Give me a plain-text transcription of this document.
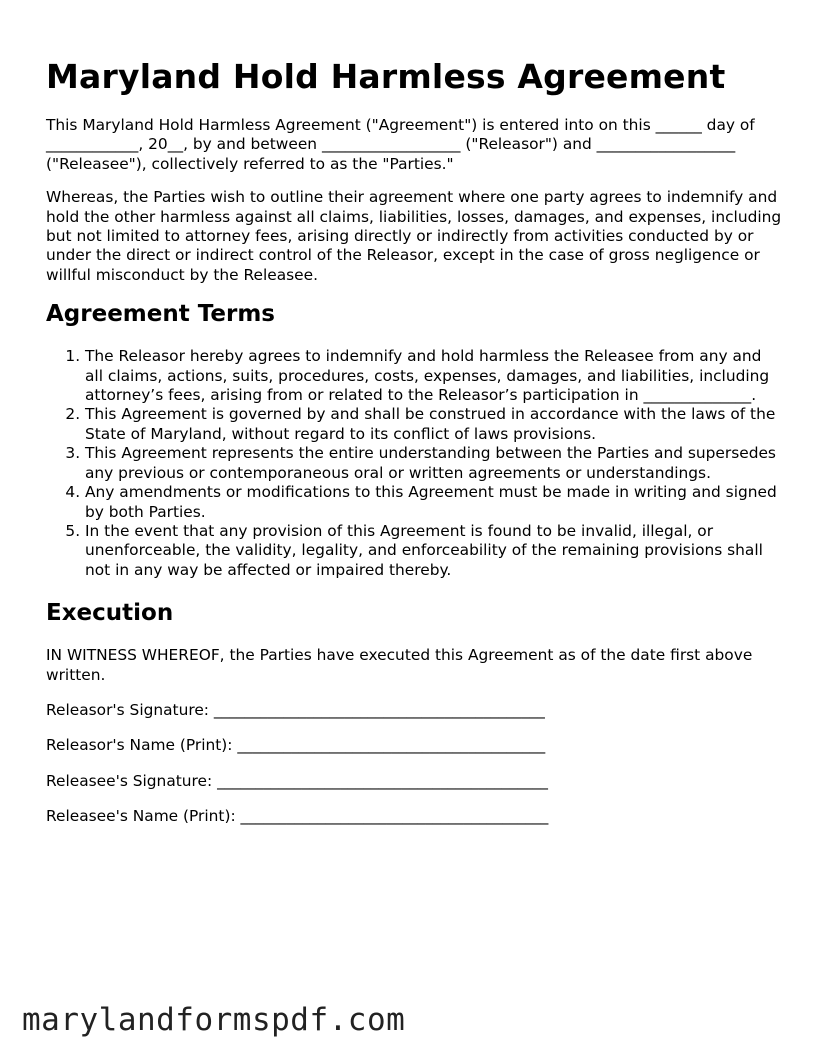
Maryland Hold Harmless Agreement

This Maryland Hold Harmless Agreement ("Agreement") is entered into on this ______ day of ____________, 20__, by and between __________________ ("Releasor") and __________________ ("Releasee"), collectively referred to as the "Parties."

Whereas, the Parties wish to outline their agreement where one party agrees to indemnify and hold the other harmless against all claims, liabilities, losses, damages, and expenses, including but not limited to attorney fees, arising directly or indirectly from activities conducted by or under the direct or indirect control of the Releasor, except in the case of gross negligence or willful misconduct by the Releasee.

Agreement Terms
1. The Releasor hereby agrees to indemnify and hold harmless the Releasee from any and all claims, actions, suits, procedures, costs, expenses, damages, and liabilities, including attorney’s fees, arising from or related to the Releasor’s participation in ______________.
2. This Agreement is governed by and shall be construed in accordance with the laws of the State of Maryland, without regard to its conflict of laws provisions.
3. This Agreement represents the entire understanding between the Parties and supersedes any previous or contemporaneous oral or written agreements or understandings.
4. Any amendments or modifications to this Agreement must be made in writing and signed by both Parties.
5. In the event that any provision of this Agreement is found to be invalid, illegal, or unenforceable, the validity, legality, and enforceability of the remaining provisions shall not in any way be affected or impaired thereby.
Execution

IN WITNESS WHEREOF, the Parties have executed this Agreement as of the date first above written.

Releasor's Signature: ___________________________________________
Releasor's Name (Print): ________________________________________
Releasee's Signature: ___________________________________________
Releasee's Name (Print): ________________________________________
marylandformspdf.com
